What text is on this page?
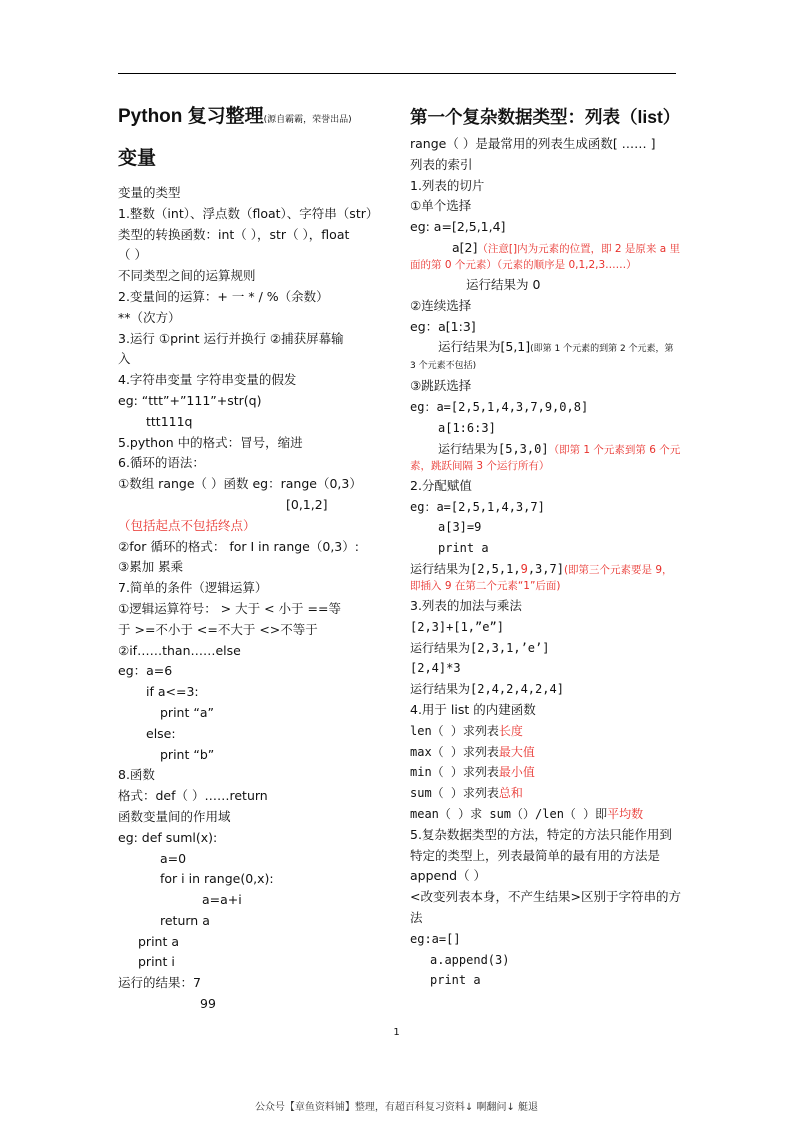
Python 复习整理(源自霸霸，荣誉出品)
变量
变量的类型
1.整数（int）、浮点数（float）、字符串（str）
类型的转换函数：int（ ），str（ ），float
（ ）
不同类型之间的运算规则
2.变量间的运算：+ 一 * / %（余数）
**（次方）
3.运行 ①print 运行并换行 ②捕获屏幕输
入
4.字符串变量 字符串变量的假发
eg: “ttt”+”111”+str(q)
ttt111q
5.python 中的格式：冒号，缩进
6.循环的语法：
①数组 range（ ）函数 eg：range（0,3）
[0,1,2]
（包括起点不包括终点）
②for 循环的格式： for I in range（0,3）:
③累加 累乘
7.简单的条件（逻辑运算）
①逻辑运算符号： > 大于 < 小于 ==等
于 >=不小于 <=不大于 <>不等于
②if……than……else
eg：a=6
if a<=3:
print “a”
else:
print “b”
8.函数
格式：def（ ）……return
函数变量间的作用域
eg: def suml(x):
a=0
for i in range(0,x):
a=a+i
return a
print a
print i
运行的结果：7
99
第一个复杂数据类型：列表（list）
range（ ）是最常用的列表生成函数[ …… ]
列表的索引
1.列表的切片
①单个选择
eg: a=[2,5,1,4]
a[2]（注意[]内为元素的位置，即 2 是原来 a 里面的第 0 个元素）（元素的顺序是 0,1,2,3……）
运行结果为 0
②连续选择
eg：a[1:3]
运行结果为[5,1](即第 1 个元素的到第 2 个元素，第 3 个元素不包括)
③跳跃选择
eg：a=[2,5,1,4,3,7,9,0,8]
a[1:6:3]
运行结果为[5,3,0]（即第 1 个元素到第 6 个元素，跳跃间隔 3 个运行所有）
2.分配赋值
eg：a=[2,5,1,4,3,7]
a[3]=9
print a
运行结果为[2,5,1,9,3,7](即第三个元素要是 9，即插入 9 在第二个元素“1”后面)
3.列表的加法与乘法
[2,3]+[1,”e”]
运行结果为[2,3,1,’e’]
[2,4]*3
运行结果为[2,4,2,4,2,4]
4.用于 list 的内建函数
len（ ）求列表长度
max（ ）求列表最大值
min（ ）求列表最小值
sum（ ）求列表总和
mean（ ）求 sum（）/len（ ）即平均数
5.复杂数据类型的方法，特定的方法只能作用到特定的类型上，列表最简单的最有用的方法是 append（ ）
<改变列表本身，不产生结果>区别于字符串的方法
eg:a=[]
a.append(3)
print a
1
公众号【章鱼资料铺】整理，有超百科复习资料↓ 啊翻问↓ 艇退
